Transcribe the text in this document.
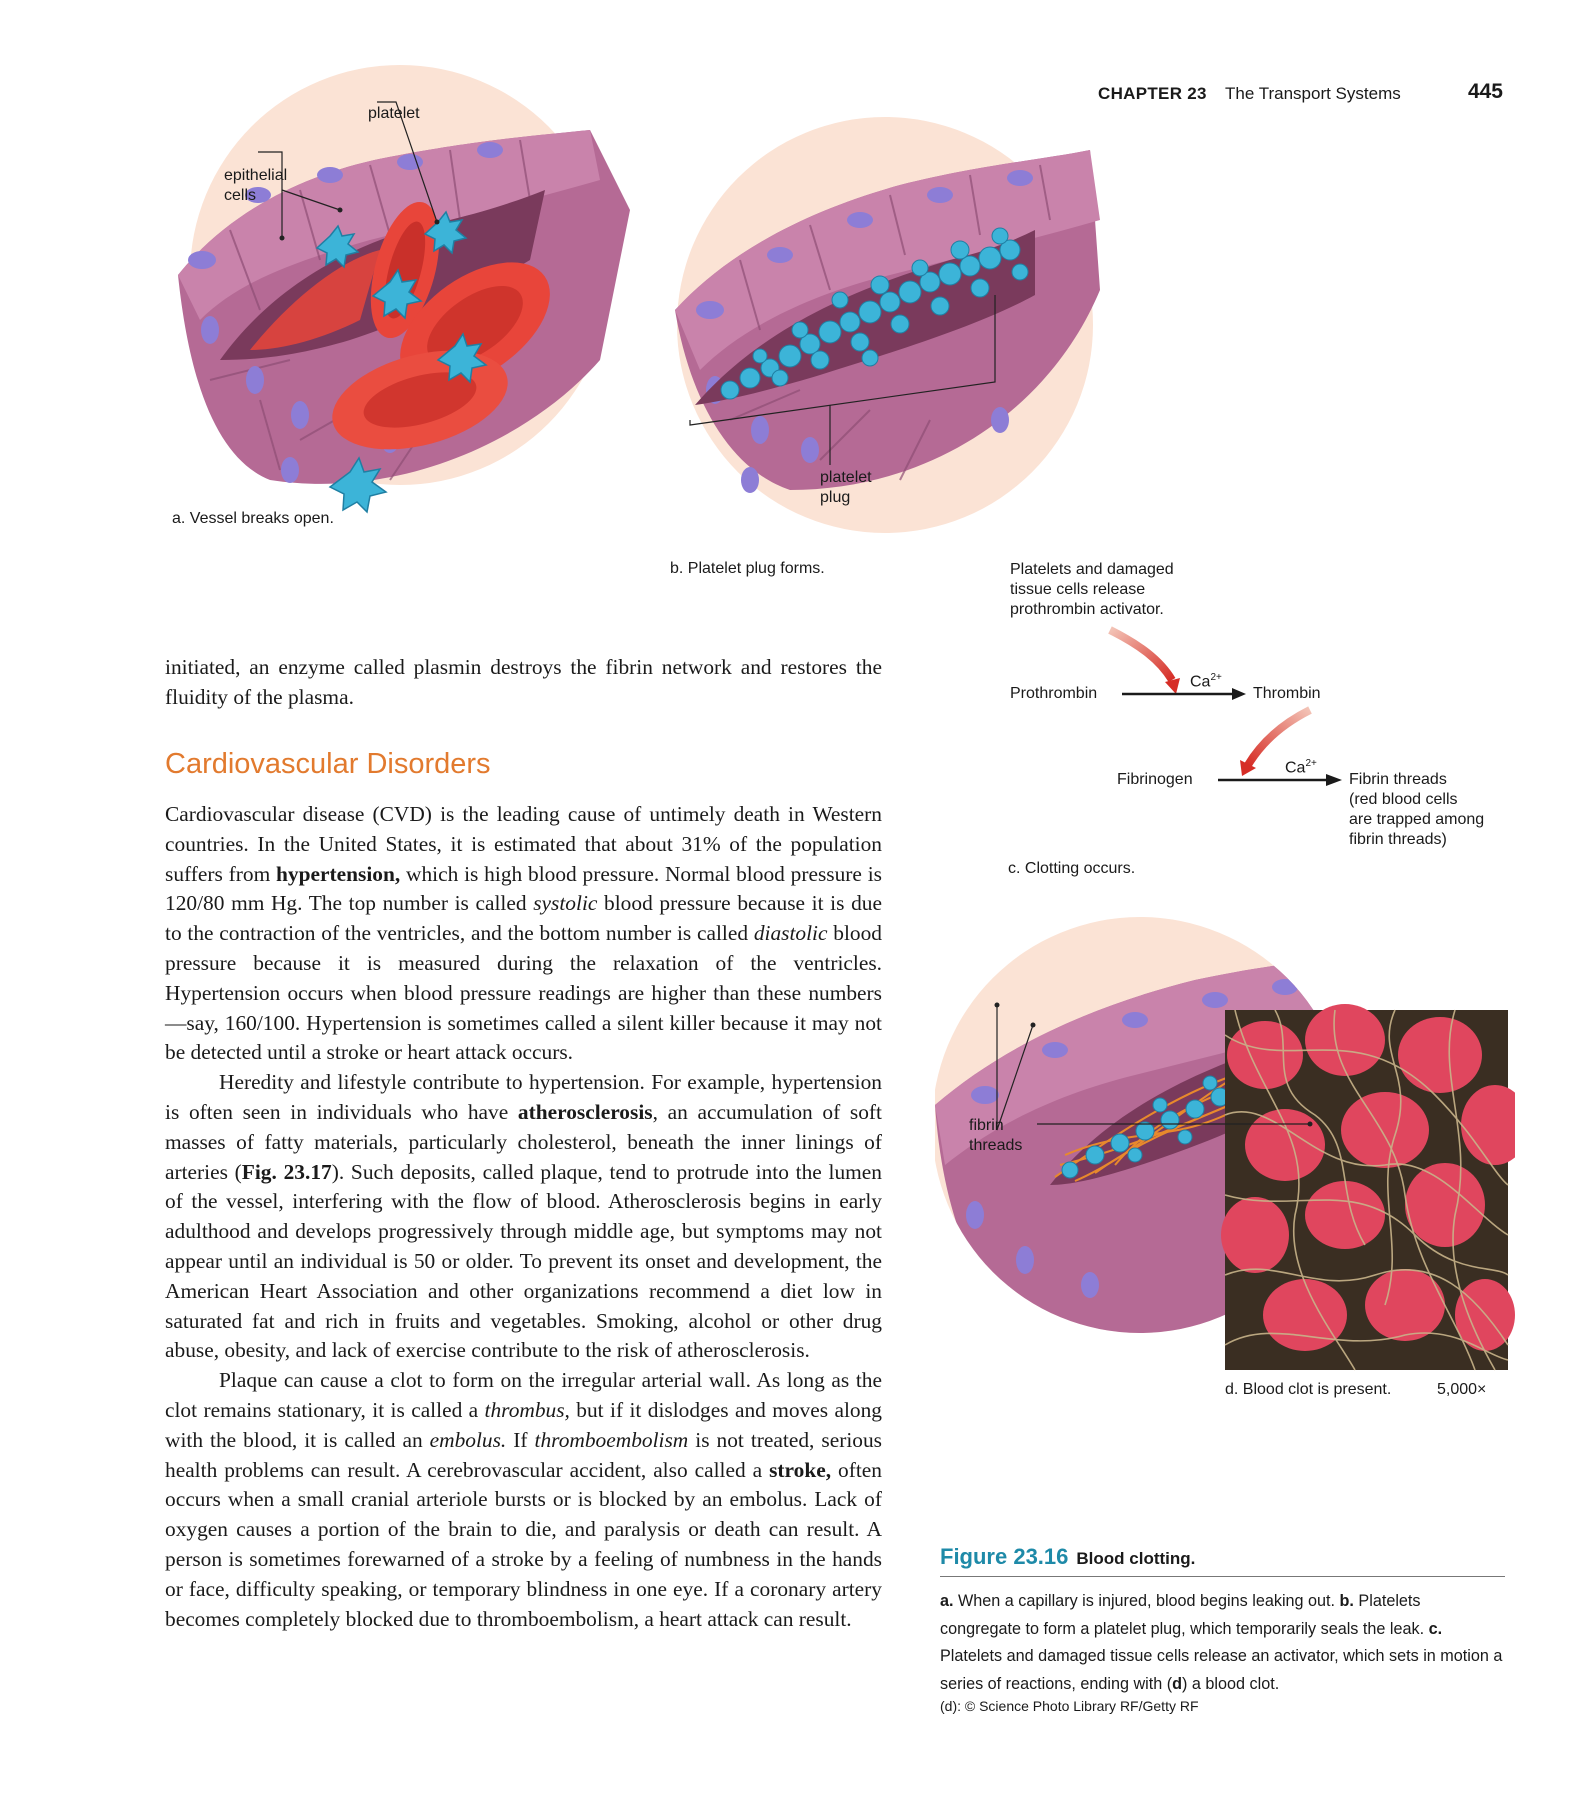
CHAPTER 23 The Transport Systems	445
platelet
epithelial
cells
a. Vessel breaks open.
platelet
plug
b. Platelet plug forms.	Platelets and damaged
tissue cells release
prothrombin activator.
Prothrombin
$Ca^{2+}$
Thrombin
Fibrinogen
$Ca^{2+}$
Fibrin threads
(red blood cells
are trapped among
fibrin threads)
c. Clotting occurs.
fibrin
threads
d. Blood clot is present.	5,000×

initiated, an enzyme called plasmin destroys the fibrin network and restores the fluidity of the plasma.

Cardiovascular Disorders

Cardiovascular disease (CVD) is the leading cause of untimely death in Western countries. In the United States, it is estimated that about 31% of the population suffers from hypertension, which is high blood pressure. Normal blood pressure is 120/80 mm Hg. The top number is called systolic blood pressure because it is due to the contraction of the ventricles, and the bottom number is called diastolic blood pressure because it is measured during the relaxation of the ventricles. Hypertension occurs when blood pressure readings are higher than these numbers—say, 160/100. Hypertension is sometimes called a silent killer because it may not be detected until a stroke or heart attack occurs.

Heredity and lifestyle contribute to hypertension. For example, hypertension is often seen in individuals who have atherosclerosis, an accumulation of soft masses of fatty materials, particularly cholesterol, beneath the inner linings of arteries (Fig. 23.17). Such deposits, called plaque, tend to protrude into the lumen of the vessel, interfering with the flow of blood. Atherosclerosis begins in early adulthood and develops progressively through middle age, but symptoms may not appear until an individual is 50 or older. To prevent its onset and development, the American Heart Association and other organizations recommend a diet low in saturated fat and rich in fruits and vegetables. Smoking, alcohol or other drug abuse, obesity, and lack of exercise contribute to the risk of atherosclerosis.

Plaque can cause a clot to form on the irregular arterial wall. As long as the clot remains stationary, it is called a thrombus, but if it dislodges and moves along with the blood, it is called an embolus. If thromboembolism is not treated, serious health problems can result. A cerebrovascular accident, also called a stroke, often occurs when a small cranial arteriole bursts or is blocked by an embolus. Lack of oxygen causes a portion of the brain to die, and paralysis or death can result. A person is sometimes forewarned of a stroke by a feeling of numbness in the hands or face, difficulty speaking, or temporary blindness in one eye. If a coronary artery becomes completely blocked due to thromboembolism, a heart attack can result.

Figure 23.16 Blood clotting.
a. When a capillary is injured, blood begins leaking out. b. Platelets congregate to form a platelet plug, which temporarily seals the leak. c. Platelets and damaged tissue cells release an activator, which sets in motion a series of reactions, ending with (d) a blood clot.
(d): © Science Photo Library RF/Getty RF
